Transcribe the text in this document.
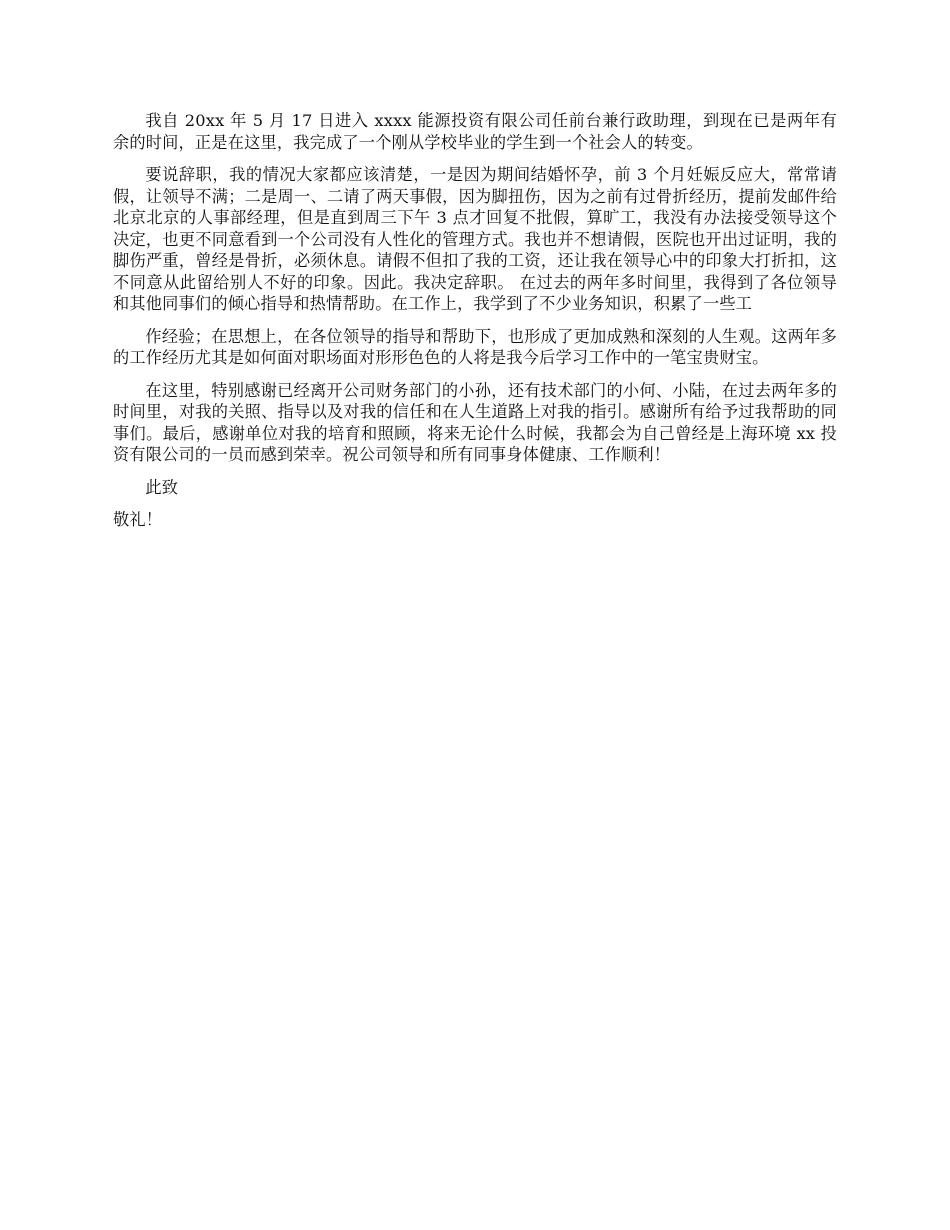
我自 20xx 年 5 月 17 日进入 xxxx 能源投资有限公司任前台兼行政助理，到现在已是两年有余的时间，正是在这里，我完成了一个刚从学校毕业的学生到一个社会人的转变。

要说辞职，我的情况大家都应该清楚，一是因为期间结婚怀孕，前 3 个月妊娠反应大，常常请假，让领导不满；二是周一、二请了两天事假，因为脚扭伤，因为之前有过骨折经历，提前发邮件给北京北京的人事部经理，但是直到周三下午 3 点才回复不批假，算旷工，我没有办法接受领导这个决定，也更不同意看到一个公司没有人性化的管理方式。我也并不想请假，医院也开出过证明，我的脚伤严重，曾经是骨折，必须休息。请假不但扣了我的工资，还让我在领导心中的印象大打折扣，这不同意从此留给别人不好的印象。因此。我决定辞职。 在过去的两年多时间里，我得到了各位领导和其他同事们的倾心指导和热情帮助。在工作上，我学到了不少业务知识，积累了一些工

作经验；在思想上，在各位领导的指导和帮助下，也形成了更加成熟和深刻的人生观。这两年多的工作经历尤其是如何面对职场面对形形色色的人将是我今后学习工作中的一笔宝贵财宝。

在这里，特别感谢已经离开公司财务部门的小孙，还有技术部门的小何、小陆，在过去两年多的时间里，对我的关照、指导以及对我的信任和在人生道路上对我的指引。感谢所有给予过我帮助的同事们。最后，感谢单位对我的培育和照顾，将来无论什么时候，我都会为自己曾经是上海环境 xx 投资有限公司的一员而感到荣幸。祝公司领导和所有同事身体健康、工作顺利！

此致

敬礼！
